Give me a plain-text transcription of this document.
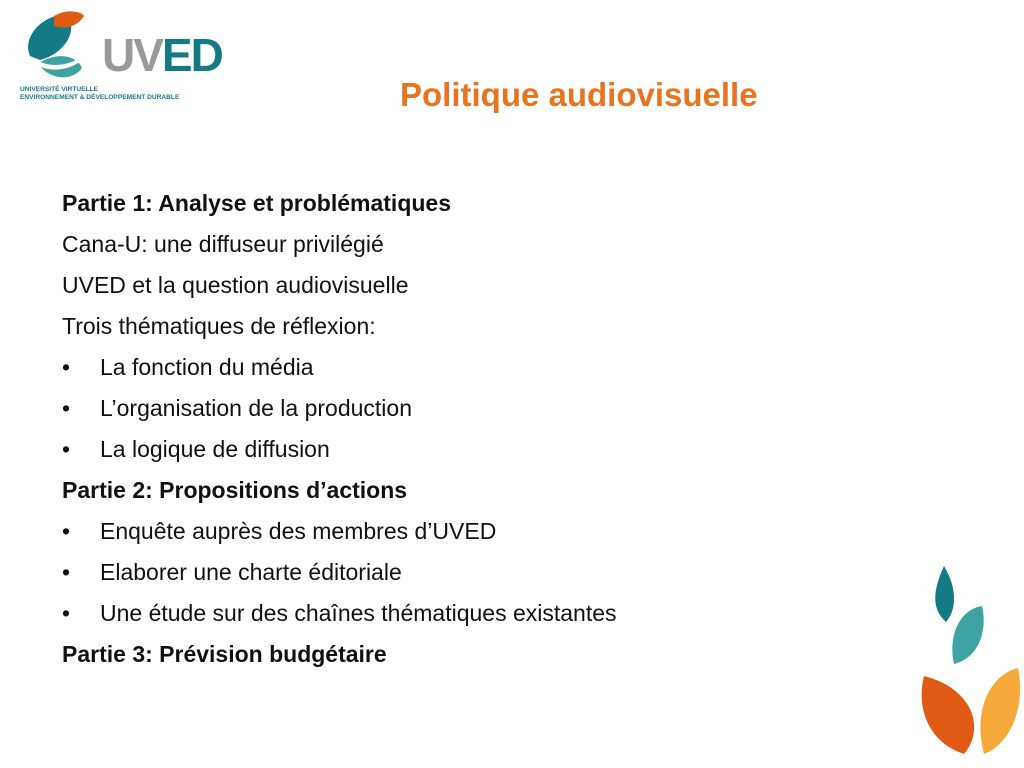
UVED
UNIVERSITÉ VIRTUELLE
ENVIRONNEMENT & DÉVELOPPEMENT DURABLE	Politique audiovisuelle
Partie 1: Analyse et problématiques
Cana-U: une diffuseur privilégié
UVED et la question audiovisuelle
Trois thématiques de réflexion:
• La fonction du média
• L’organisation de la production
• La logique de diffusion
Partie 2: Propositions d’actions
• Enquête auprès des membres d’UVED
• Elaborer une charte éditoriale
• Une étude sur des chaînes thématiques existantes
Partie 3: Prévision budgétaire
